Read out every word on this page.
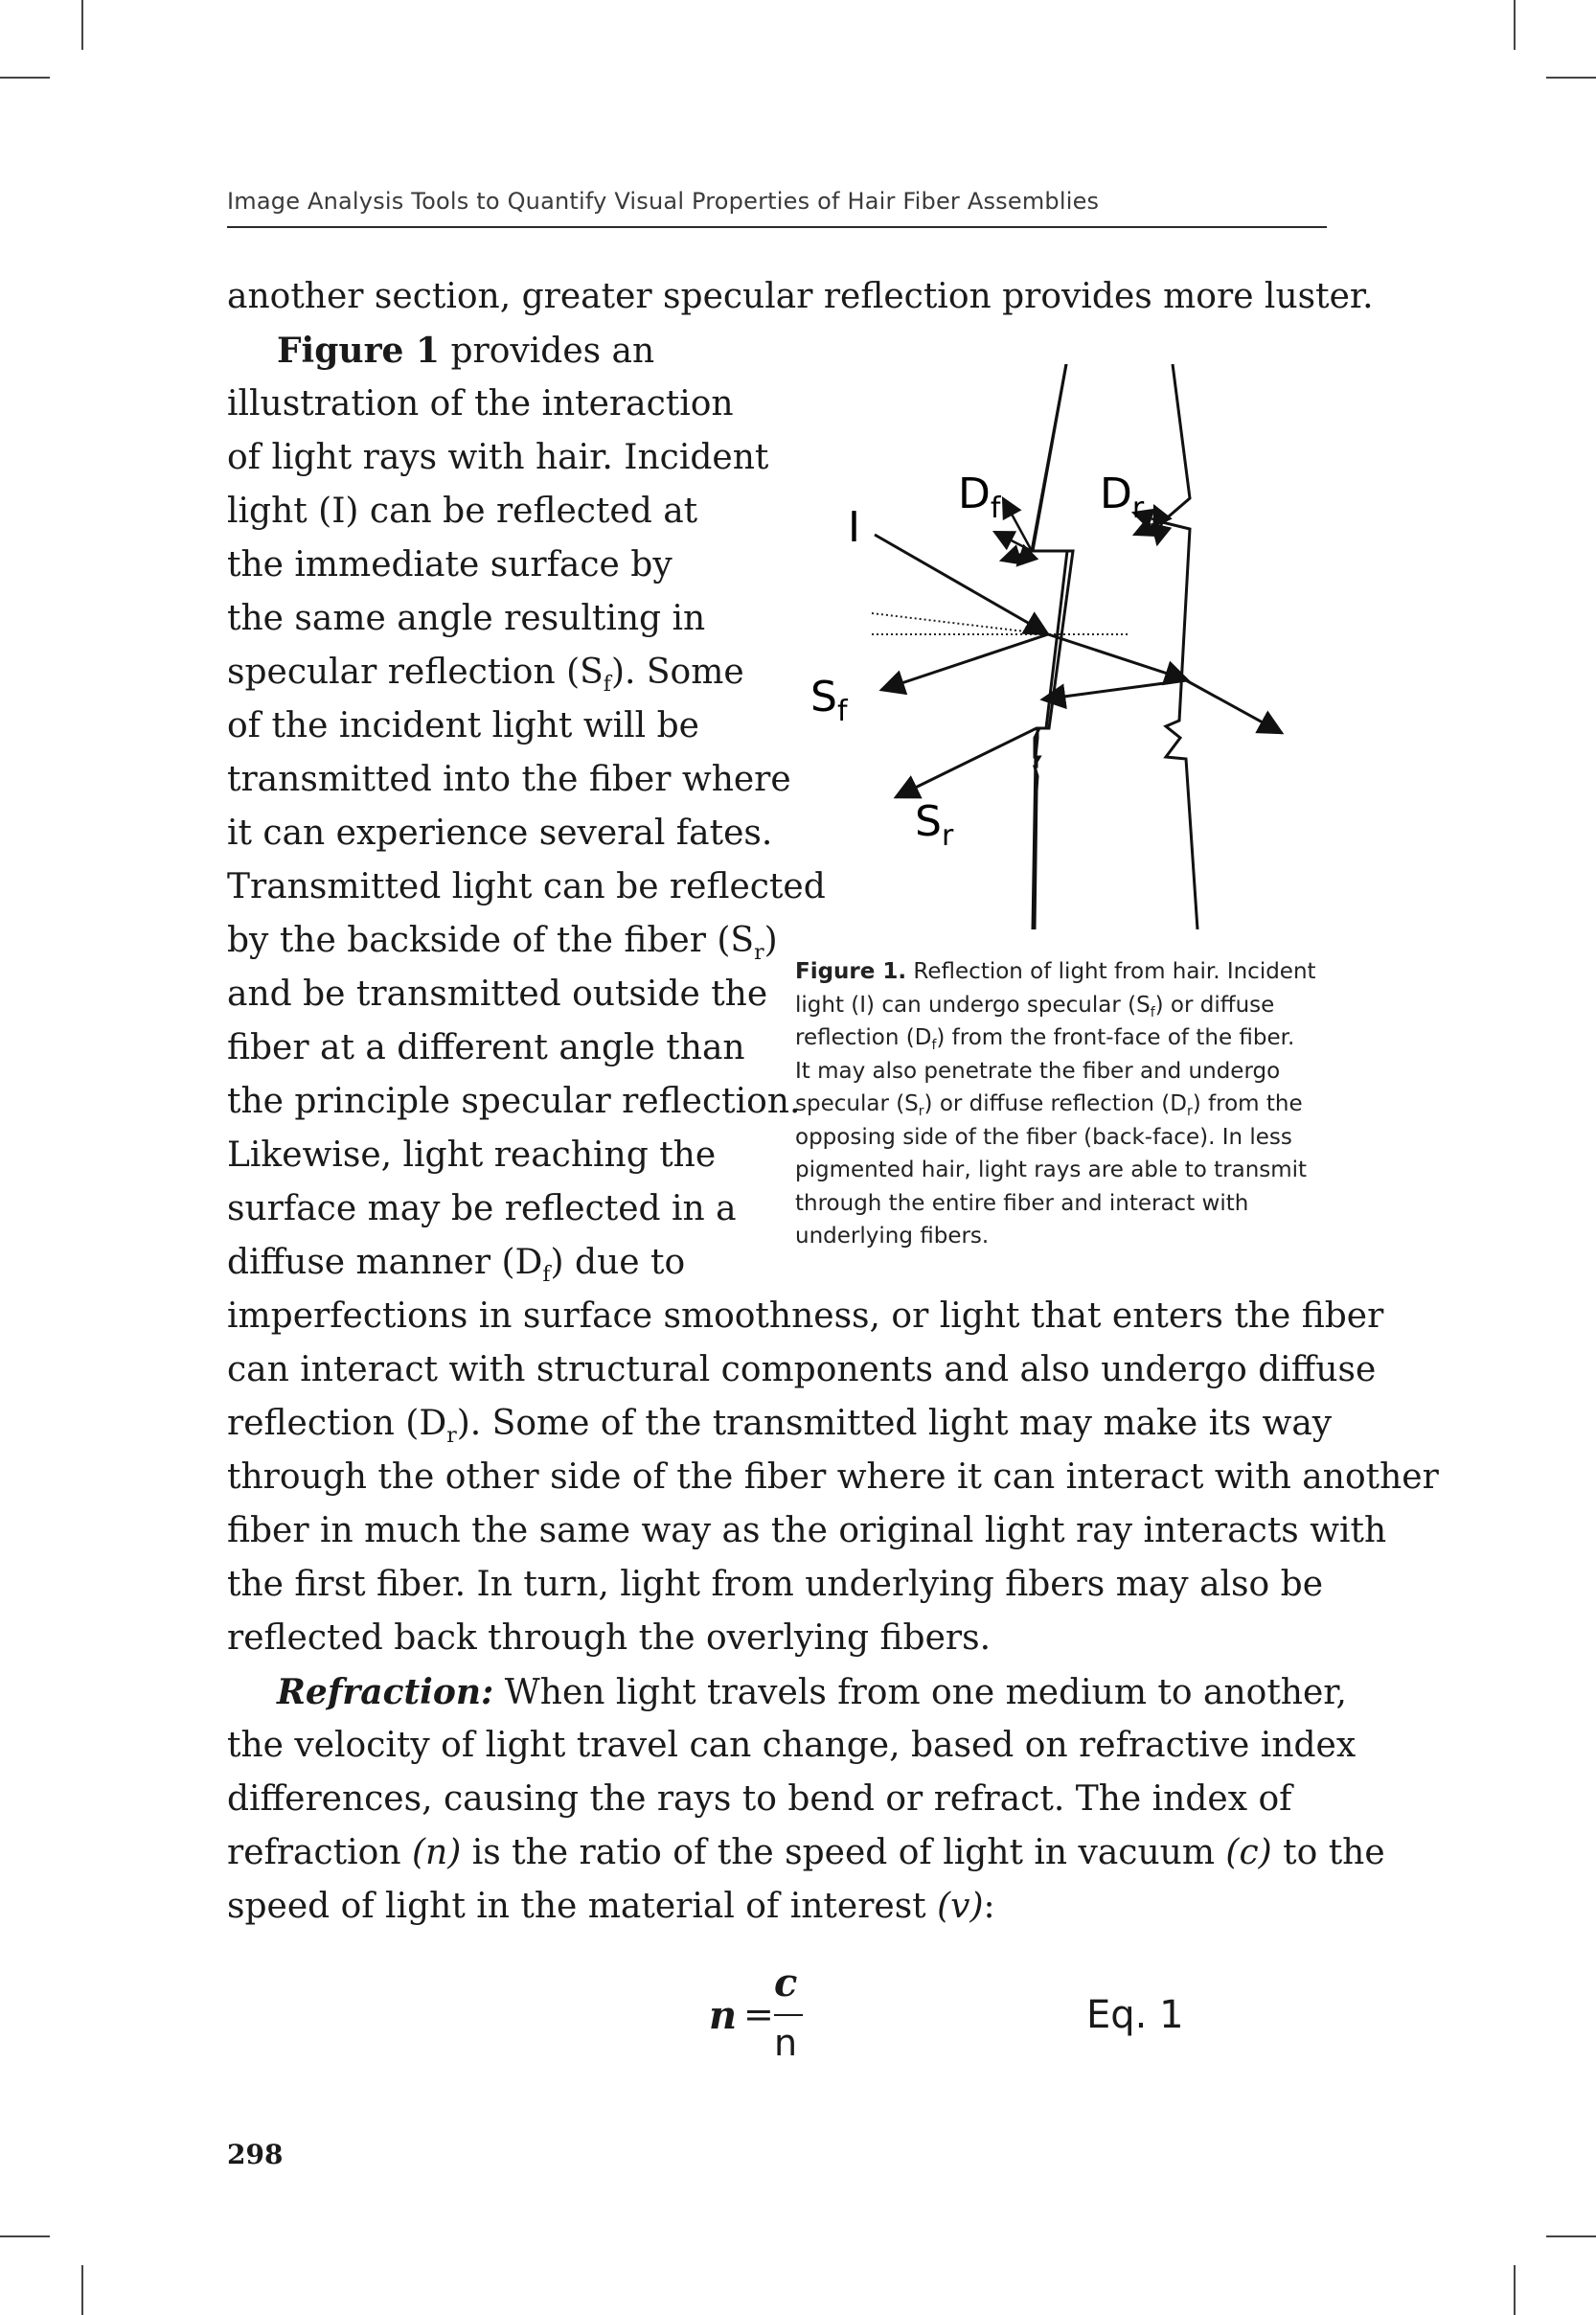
Image Analysis Tools to Quantify Visual Properties of Hair Fiber Assemblies
another section, greater specular reflection provides more luster.
Figure 1 provides an
illustration of the interaction
of light rays with hair. Incident
light (I) can be reflected at
the immediate surface by
the same angle resulting in
specular reflection $(S_f)$. Some
of the incident light will be
transmitted into the fiber where
it can experience several fates.
Transmitted light can be reflected
by the backside of the fiber $(S_r)$
and be transmitted outside the
fiber at a different angle than
the principle specular reflection.
Likewise, light reaching the
surface may be reflected in a
diffuse manner $(D_f)$ due to
I
$D_f$ $D_r$
$S_f$
$S_r$
Figure 1. Reflection of light from hair. Incident
light (I) can undergo specular $(S_f)$ or diffuse
reflection $(D_f)$ from the front-face of the fiber.
It may also penetrate the fiber and undergo
specular $(S_r)$ or diffuse reflection $(D_r)$ from the
opposing side of the fiber (back-face). In less
pigmented hair, light rays are able to transmit
through the entire fiber and interact with
underlying fibers.
imperfections in surface smoothness, or light that enters the fiber
can interact with structural components and also undergo diffuse
reflection $(D_r)$. Some of the transmitted light may make its way
through the other side of the fiber where it can interact with another
fiber in much the same way as the original light ray interacts with
the first fiber. In turn, light from underlying fibers may also be
reflected back through the overlying fibers.
Refraction: When light travels from one medium to another,
the velocity of light travel can change, based on refractive index
differences, causing the rays to bend or refract. The index of
refraction (n) is the ratio of the speed of light in vacuum (c) to the
speed of light in the material of interest (v):
n =
c
n
Eq. 1
298
